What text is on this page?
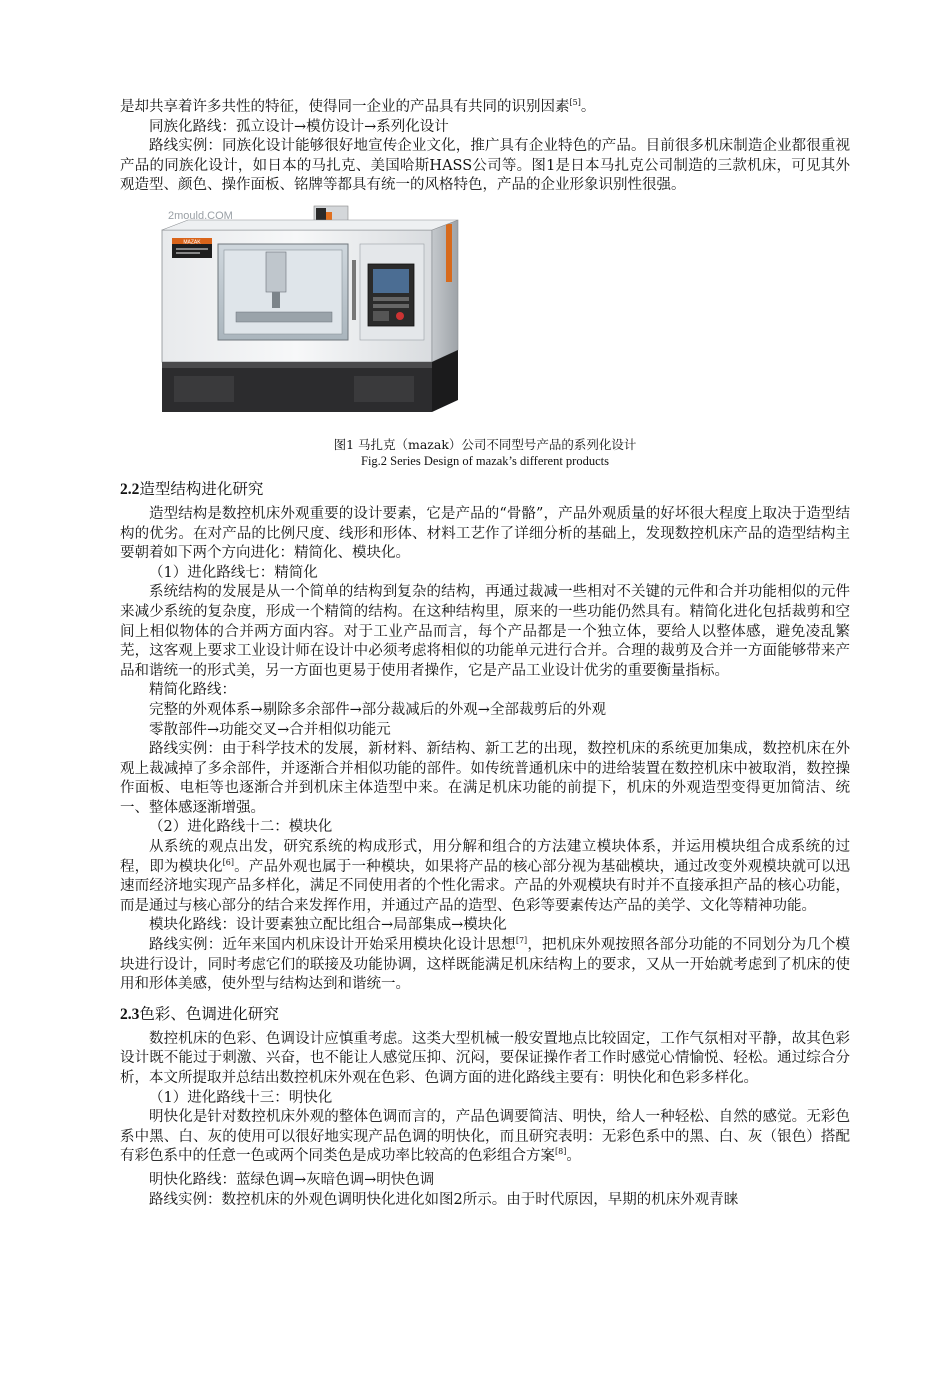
是却共享着许多共性的特征，使得同一企业的产品具有共同的识别因素[5]。

同族化路线：孤立设计→模仿设计→系列化设计

路线实例：同族化设计能够很好地宣传企业文化，推广具有企业特色的产品。目前很多机床制造企业都很重视产品的同族化设计，如日本的马扎克、美国哈斯HASS公司等。图1是日本马扎克公司制造的三款机床，可见其外观造型、颜色、操作面板、铭牌等都具有统一的风格特色，产品的企业形象识别性很强。

MAZAK
2mould.COM

图1 马扎克（mazak）公司不同型号产品的系列化设计

Fig.2 Series Design of mazak’s different products

2.2造型结构进化研究

造型结构是数控机床外观重要的设计要素，它是产品的“骨骼”，产品外观质量的好坏很大程度上取决于造型结构的优劣。在对产品的比例尺度、线形和形体、材料工艺作了详细分析的基础上，发现数控机床产品的造型结构主要朝着如下两个方向进化：精简化、模块化。

（1）进化路线七：精简化

系统结构的发展是从一个简单的结构到复杂的结构，再通过裁减一些相对不关键的元件和合并功能相似的元件来减少系统的复杂度，形成一个精简的结构。在这种结构里，原来的一些功能仍然具有。精简化进化包括裁剪和空间上相似物体的合并两方面内容。对于工业产品而言，每个产品都是一个独立体，要给人以整体感，避免凌乱繁芜，这客观上要求工业设计师在设计中必须考虑将相似的功能单元进行合并。合理的裁剪及合并一方面能够带来产品和谐统一的形式美，另一方面也更易于使用者操作，它是产品工业设计优劣的重要衡量指标。

精简化路线：

完整的外观体系→剔除多余部件→部分裁减后的外观→全部裁剪后的外观

零散部件→功能交叉→合并相似功能元

路线实例：由于科学技术的发展，新材料、新结构、新工艺的出现，数控机床的系统更加集成，数控机床在外观上裁减掉了多余部件，并逐渐合并相似功能的部件。如传统普通机床中的进给装置在数控机床中被取消，数控操作面板、电柜等也逐渐合并到机床主体造型中来。在满足机床功能的前提下，机床的外观造型变得更加简洁、统一、整体感逐渐增强。

（2）进化路线十二：模块化

从系统的观点出发，研究系统的构成形式，用分解和组合的方法建立模块体系，并运用模块组合成系统的过程，即为模块化[6]。产品外观也属于一种模块，如果将产品的核心部分视为基础模块，通过改变外观模块就可以迅速而经济地实现产品多样化，满足不同使用者的个性化需求。产品的外观模块有时并不直接承担产品的核心功能，而是通过与核心部分的结合来发挥作用，并通过产品的造型、色彩等要素传达产品的美学、文化等精神功能。

模块化路线：设计要素独立配比组合→局部集成→模块化

路线实例：近年来国内机床设计开始采用模块化设计思想[7]，把机床外观按照各部分功能的不同划分为几个模块进行设计，同时考虑它们的联接及功能协调，这样既能满足机床结构上的要求，又从一开始就考虑到了机床的使用和形体美感，使外型与结构达到和谐统一。

2.3色彩、色调进化研究

数控机床的色彩、色调设计应慎重考虑。这类大型机械一般安置地点比较固定，工作气氛相对平静，故其色彩设计既不能过于刺激、兴奋，也不能让人感觉压抑、沉闷，要保证操作者工作时感觉心情愉悦、轻松。通过综合分析，本文所提取并总结出数控机床外观在色彩、色调方面的进化路线主要有：明快化和色彩多样化。

（1）进化路线十三：明快化

明快化是针对数控机床外观的整体色调而言的，产品色调要简洁、明快，给人一种轻松、自然的感觉。无彩色系中黑、白、灰的使用可以很好地实现产品色调的明快化，而且研究表明：无彩色系中的黑、白、灰（银色）搭配有彩色系中的任意一色或两个同类色是成功率比较高的色彩组合方案[8]。

明快化路线：蓝绿色调→灰暗色调→明快色调

路线实例：数控机床的外观色调明快化进化如图2所示。由于时代原因，早期的机床外观青睐
